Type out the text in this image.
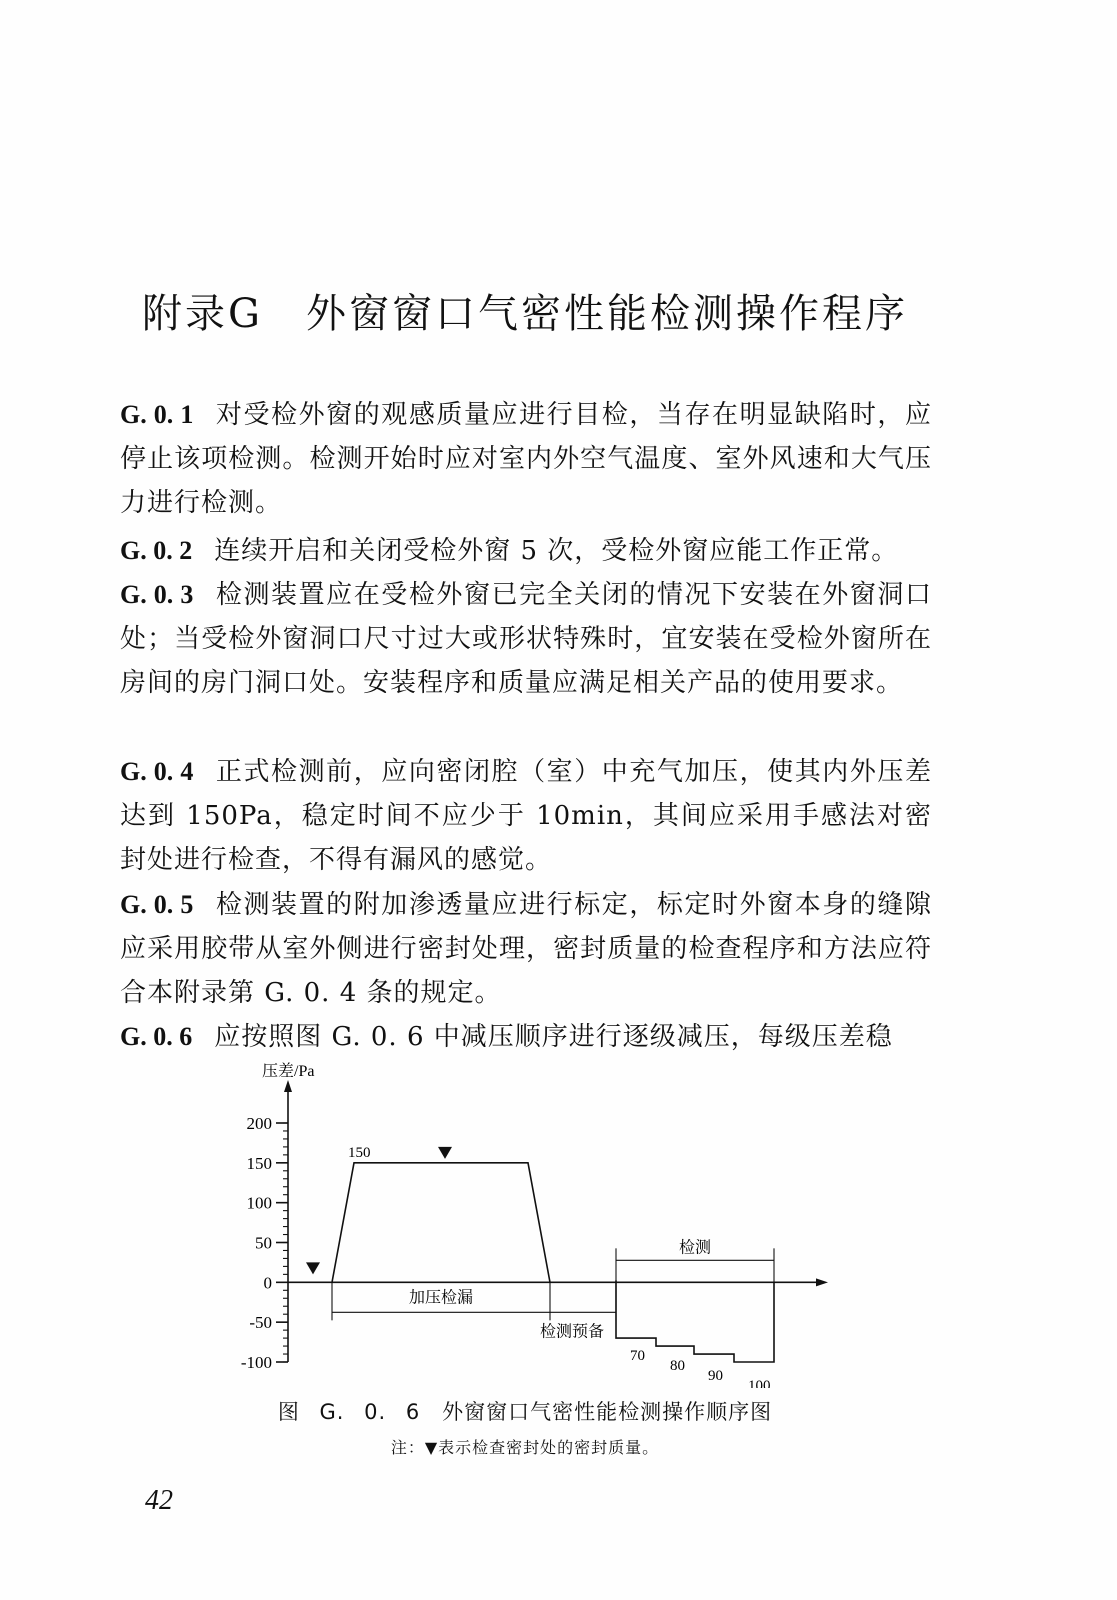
附录G　外窗窗口气密性能检测操作程序
G. 0. 1 对受检外窗的观感质量应进行目检，当存在明显缺陷时，应停止该项检测。检测开始时应对室内外空气温度、室外风速和大气压力进行检测。
G. 0. 2 连续开启和关闭受检外窗 5 次，受检外窗应能工作正常。
G. 0. 3 检测装置应在受检外窗已完全关闭的情况下安装在外窗洞口处；当受检外窗洞口尺寸过大或形状特殊时，宜安装在受检外窗所在房间的房门洞口处。安装程序和质量应满足相关产品的使用要求。
G. 0. 4 正式检测前，应向密闭腔（室）中充气加压，使其内外压差达到 150Pa，稳定时间不应少于 10min，其间应采用手感法对密封处进行检查，不得有漏风的感觉。
G. 0. 5 检测装置的附加渗透量应进行标定，标定时外窗本身的缝隙应采用胶带从室外侧进行密封处理，密封质量的检查程序和方法应符合本附录第 G. 0. 4 条的规定。
G. 0. 6 应按照图 G. 0. 6 中减压顺序进行逐级减压，每级压差稳
压差/Pa
200
150
100
50
0
-50
-100
150
加压检漏
70
80
90
100
检测预备
检测
图 G. 0. 6　外窗窗口气密性能检测操作顺序图
注：▼表示检查密封处的密封质量。
42
